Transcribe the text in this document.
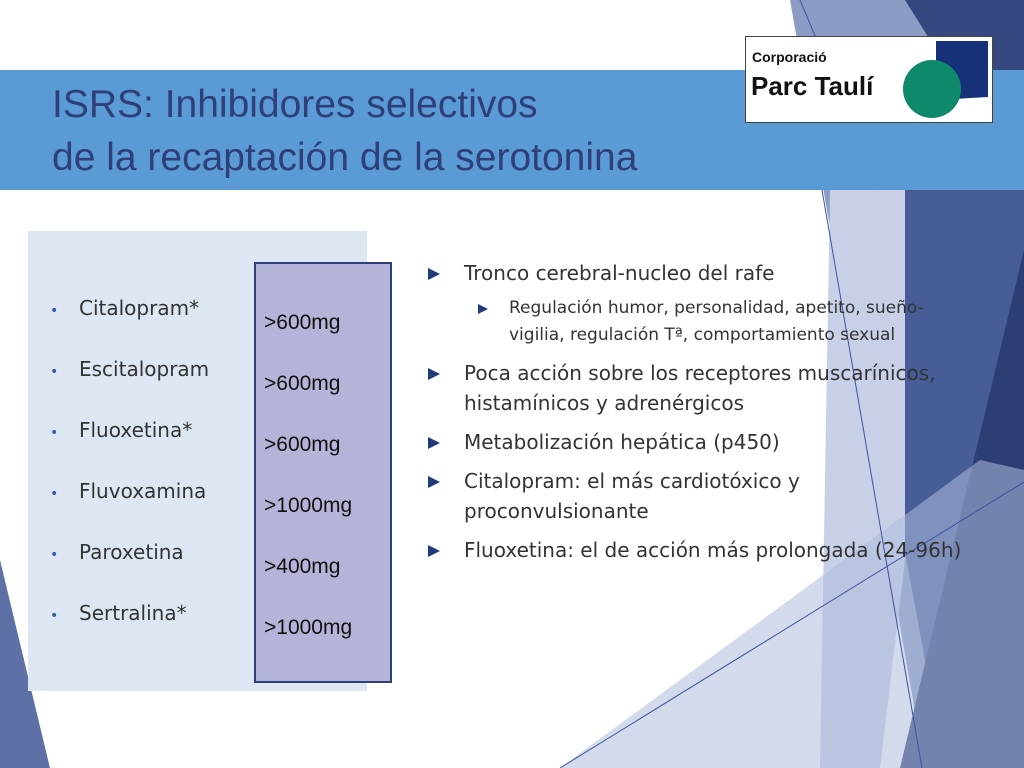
ISRS: Inhibidores selectivos
de la recaptación de la serotonina
Corporació
Parc Taulí
• Citalopram*
• Escitalopram
• Fluoxetina*
• Fluvoxamina
• Paroxetina
• Sertralina*
>600mg
>600mg
>600mg
>1000mg
>400mg
>1000mg
Tronco cerebral-nucleo del rafe
Regulación humor, personalidad, apetito, sueño-vigilia, regulación Tª, comportamiento sexual
Poca acción sobre los receptores muscarínicos, histamínicos y adrenérgicos
Metabolización hepática (p450)
Citalopram: el más cardiotóxico y proconvulsionante
Fluoxetina: el de acción más prolongada (24-96h)
